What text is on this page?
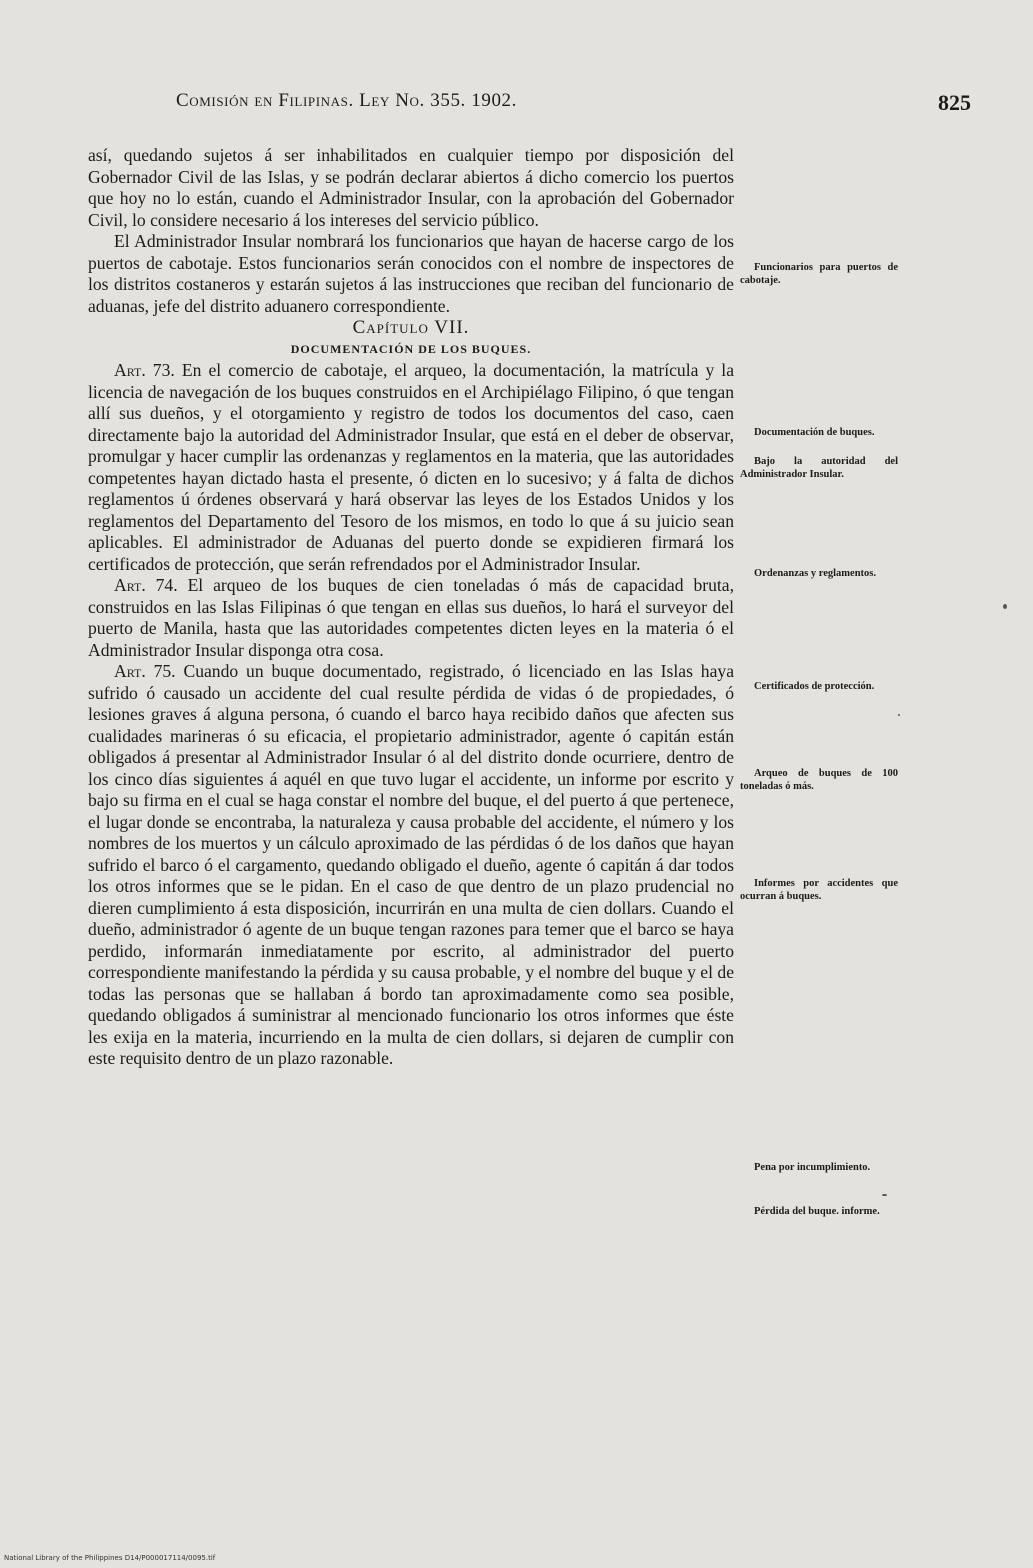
Comisión en Filipinas. Ley No. 355. 1902.	825

así, quedando sujetos á ser inhabilitados en cualquier tiempo por disposición del Gobernador Civil de las Islas, y se podrán declarar abiertos á dicho comercio los puertos que hoy no lo están, cuando el Administrador Insular, con la aprobación del Gobernador Civil, lo considere necesario á los intereses del servicio público.

El Administrador Insular nombrará los funcionarios que hayan de hacerse cargo de los puertos de cabotaje. Estos funcionarios serán conocidos con el nombre de inspectores de los distritos costaneros y estarán sujetos á las instrucciones que reciban del funcionario de aduanas, jefe del distrito aduanero correspondiente.

Capítulo VII.

DOCUMENTACIÓN DE LOS BUQUES.

Art. 73. En el comercio de cabotaje, el arqueo, la documentación, la matrícula y la licencia de navegación de los buques construidos en el Archipiélago Filipino, ó que tengan allí sus dueños, y el otorgamiento y registro de todos los documentos del caso, caen directamente bajo la autoridad del Administrador Insular, que está en el deber de observar, promulgar y hacer cumplir las ordenanzas y reglamentos en la materia, que las autoridades competentes hayan dictado hasta el presente, ó dicten en lo sucesivo; y á falta de dichos reglamentos ú órdenes observará y hará observar las leyes de los Estados Unidos y los reglamentos del Departamento del Tesoro de los mismos, en todo lo que á su juicio sean aplicables. El administrador de Aduanas del puerto donde se expidieren firmará los certificados de protección, que serán refrendados por el Administrador Insular.

Art. 74. El arqueo de los buques de cien toneladas ó más de capacidad bruta, construidos en las Islas Filipinas ó que tengan en ellas sus dueños, lo hará el surveyor del puerto de Manila, hasta que las autoridades competentes dicten leyes en la materia ó el Administrador Insular disponga otra cosa.

Art. 75. Cuando un buque documentado, registrado, ó licenciado en las Islas haya sufrido ó causado un accidente del cual resulte pérdida de vidas ó de propiedades, ó lesiones graves á alguna persona, ó cuando el barco haya recibido daños que afecten sus cualidades marineras ó su eficacia, el propietario administrador, agente ó capitán están obligados á presentar al Administrador Insular ó al del distrito donde ocurriere, dentro de los cinco días siguientes á aquél en que tuvo lugar el accidente, un informe por escrito y bajo su firma en el cual se haga constar el nombre del buque, el del puerto á que pertenece, el lugar donde se encontraba, la naturaleza y causa probable del accidente, el número y los nombres de los muertos y un cálculo aproximado de las pérdidas ó de los daños que hayan sufrido el barco ó el cargamento, quedando obligado el dueño, agente ó capitán á dar todos los otros informes que se le pidan. En el caso de que dentro de un plazo prudencial no dieren cumplimiento á esta disposición, incurrirán en una multa de cien dollars. Cuando el dueño, administrador ó agente de un buque tengan razones para temer que el barco se haya perdido, informarán inmediatamente por escrito, al administrador del puerto correspondiente manifestando la pérdida y su causa probable, y el nombre del buque y el de todas las personas que se hallaban á bordo tan aproximadamente como sea posible, quedando obligados á suministrar al mencionado funcionario los otros informes que éste les exija en la materia, incurriendo en la multa de cien dollars, si dejaren de cumplir con este requisito dentro de un plazo razonable.

Funcionarios para puertos de cabotaje.
Documentación de buques.
Bajo la autoridad del Administrador Insular.
Ordenanzas y reglamentos.
Certificados de protección.
Arqueo de buques de 100 toneladas ó más.
Informes por accidentes que ocurran á buques.
Pena por incumplimiento.
Pérdida del buque. informe.
National Library of the Philippines D14/P000017114/0095.tif
